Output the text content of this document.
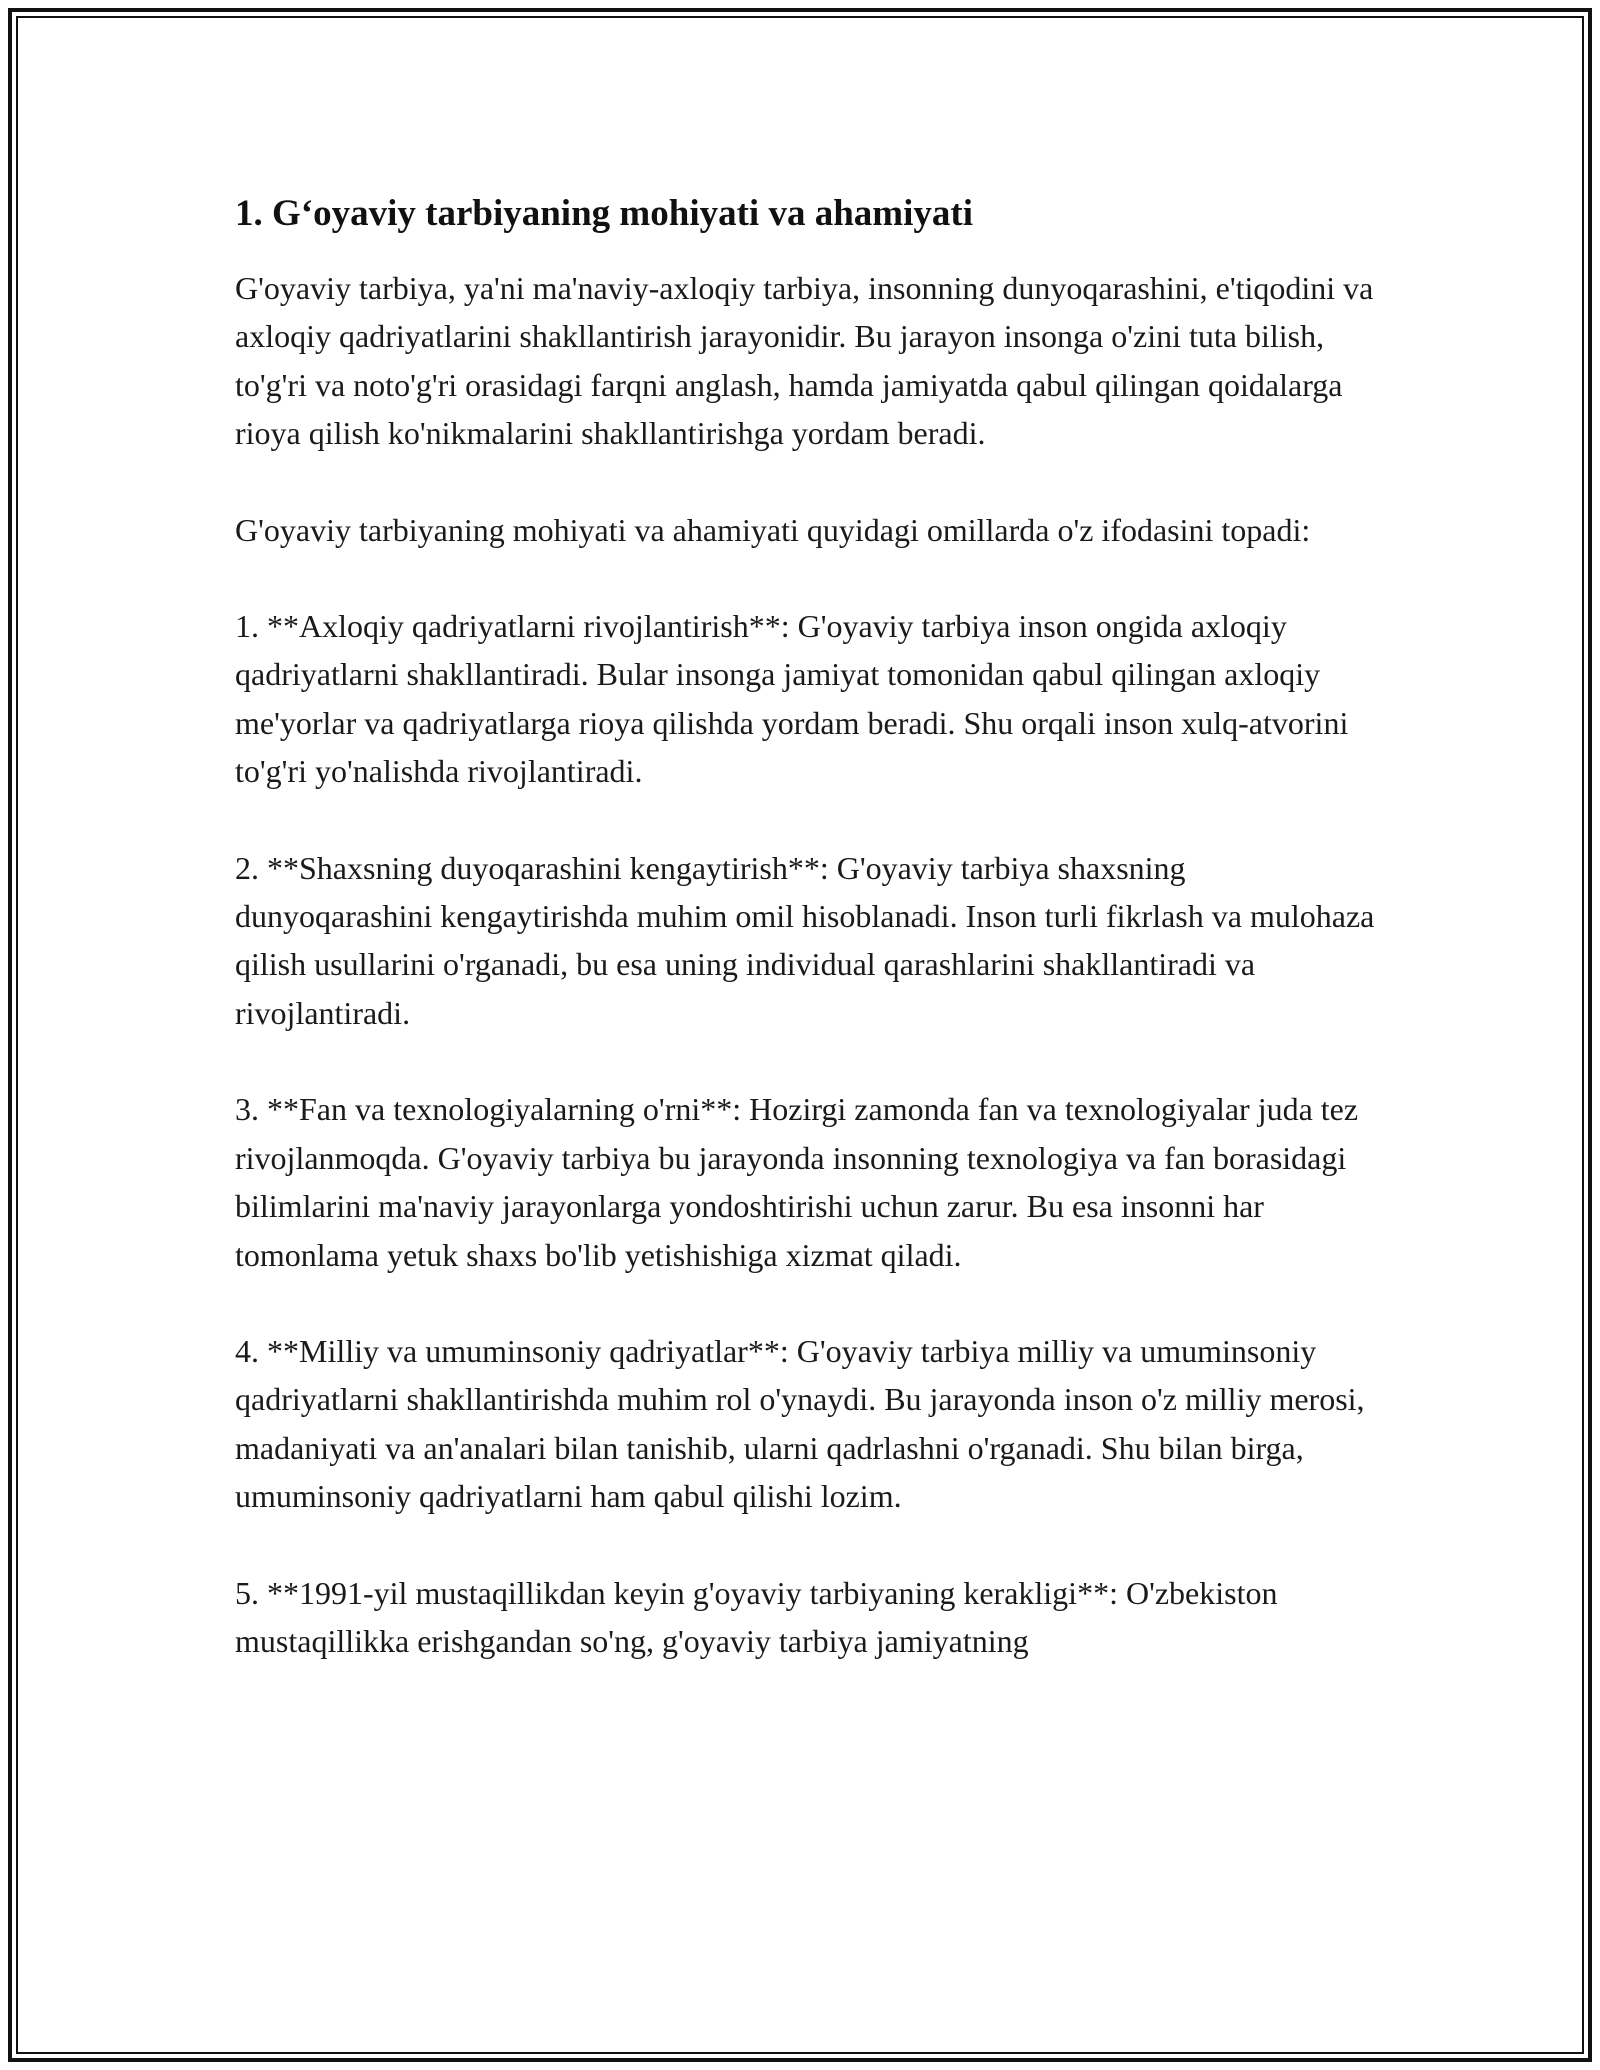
1. G‘oyaviy tarbiyaning mohiyati va ahamiyati

G'oyaviy tarbiya, ya'ni ma'naviy-axloqiy tarbiya, insonning dunyoqarashini, e'tiqodini va axloqiy qadriyatlarini shakllantirish jarayonidir. Bu jarayon insonga o'zini tuta bilish, to'g'ri va noto'g'ri orasidagi farqni anglash, hamda jamiyatda qabul qilingan qoidalarga rioya qilish ko'nikmalarini shakllantirishga yordam beradi.

G'oyaviy tarbiyaning mohiyati va ahamiyati quyidagi omillarda o'z ifodasini topadi:

1. **Axloqiy qadriyatlarni rivojlantirish**: G'oyaviy tarbiya inson ongida axloqiy qadriyatlarni shakllantiradi. Bular insonga jamiyat tomonidan qabul qilingan axloqiy me'yorlar va qadriyatlarga rioya qilishda yordam beradi. Shu orqali inson xulq-atvorini to'g'ri yo'nalishda rivojlantiradi.

2. **Shaxsning duyoqarashini kengaytirish**: G'oyaviy tarbiya shaxsning dunyoqarashini kengaytirishda muhim omil hisoblanadi. Inson turli fikrlash va mulohaza qilish usullarini o'rganadi, bu esa uning individual qarashlarini shakllantiradi va rivojlantiradi.

3. **Fan va texnologiyalarning o'rni**: Hozirgi zamonda fan va texnologiyalar juda tez rivojlanmoqda. G'oyaviy tarbiya bu jarayonda insonning texnologiya va fan borasidagi bilimlarini ma'naviy jarayonlarga yondoshtirishi uchun zarur. Bu esa insonni har tomonlama yetuk shaxs bo'lib yetishishiga xizmat qiladi.

4. **Milliy va umuminsoniy qadriyatlar**: G'oyaviy tarbiya milliy va umuminsoniy qadriyatlarni shakllantirishda muhim rol o'ynaydi. Bu jarayonda inson o'z milliy merosi, madaniyati va an'analari bilan tanishib, ularni qadrlashni o'rganadi. Shu bilan birga, umuminsoniy qadriyatlarni ham qabul qilishi lozim.

5. **1991-yil mustaqillikdan keyin g'oyaviy tarbiyaning kerakligi**: O'zbekiston mustaqillikka erishgandan so'ng, g'oyaviy tarbiya jamiyatning
